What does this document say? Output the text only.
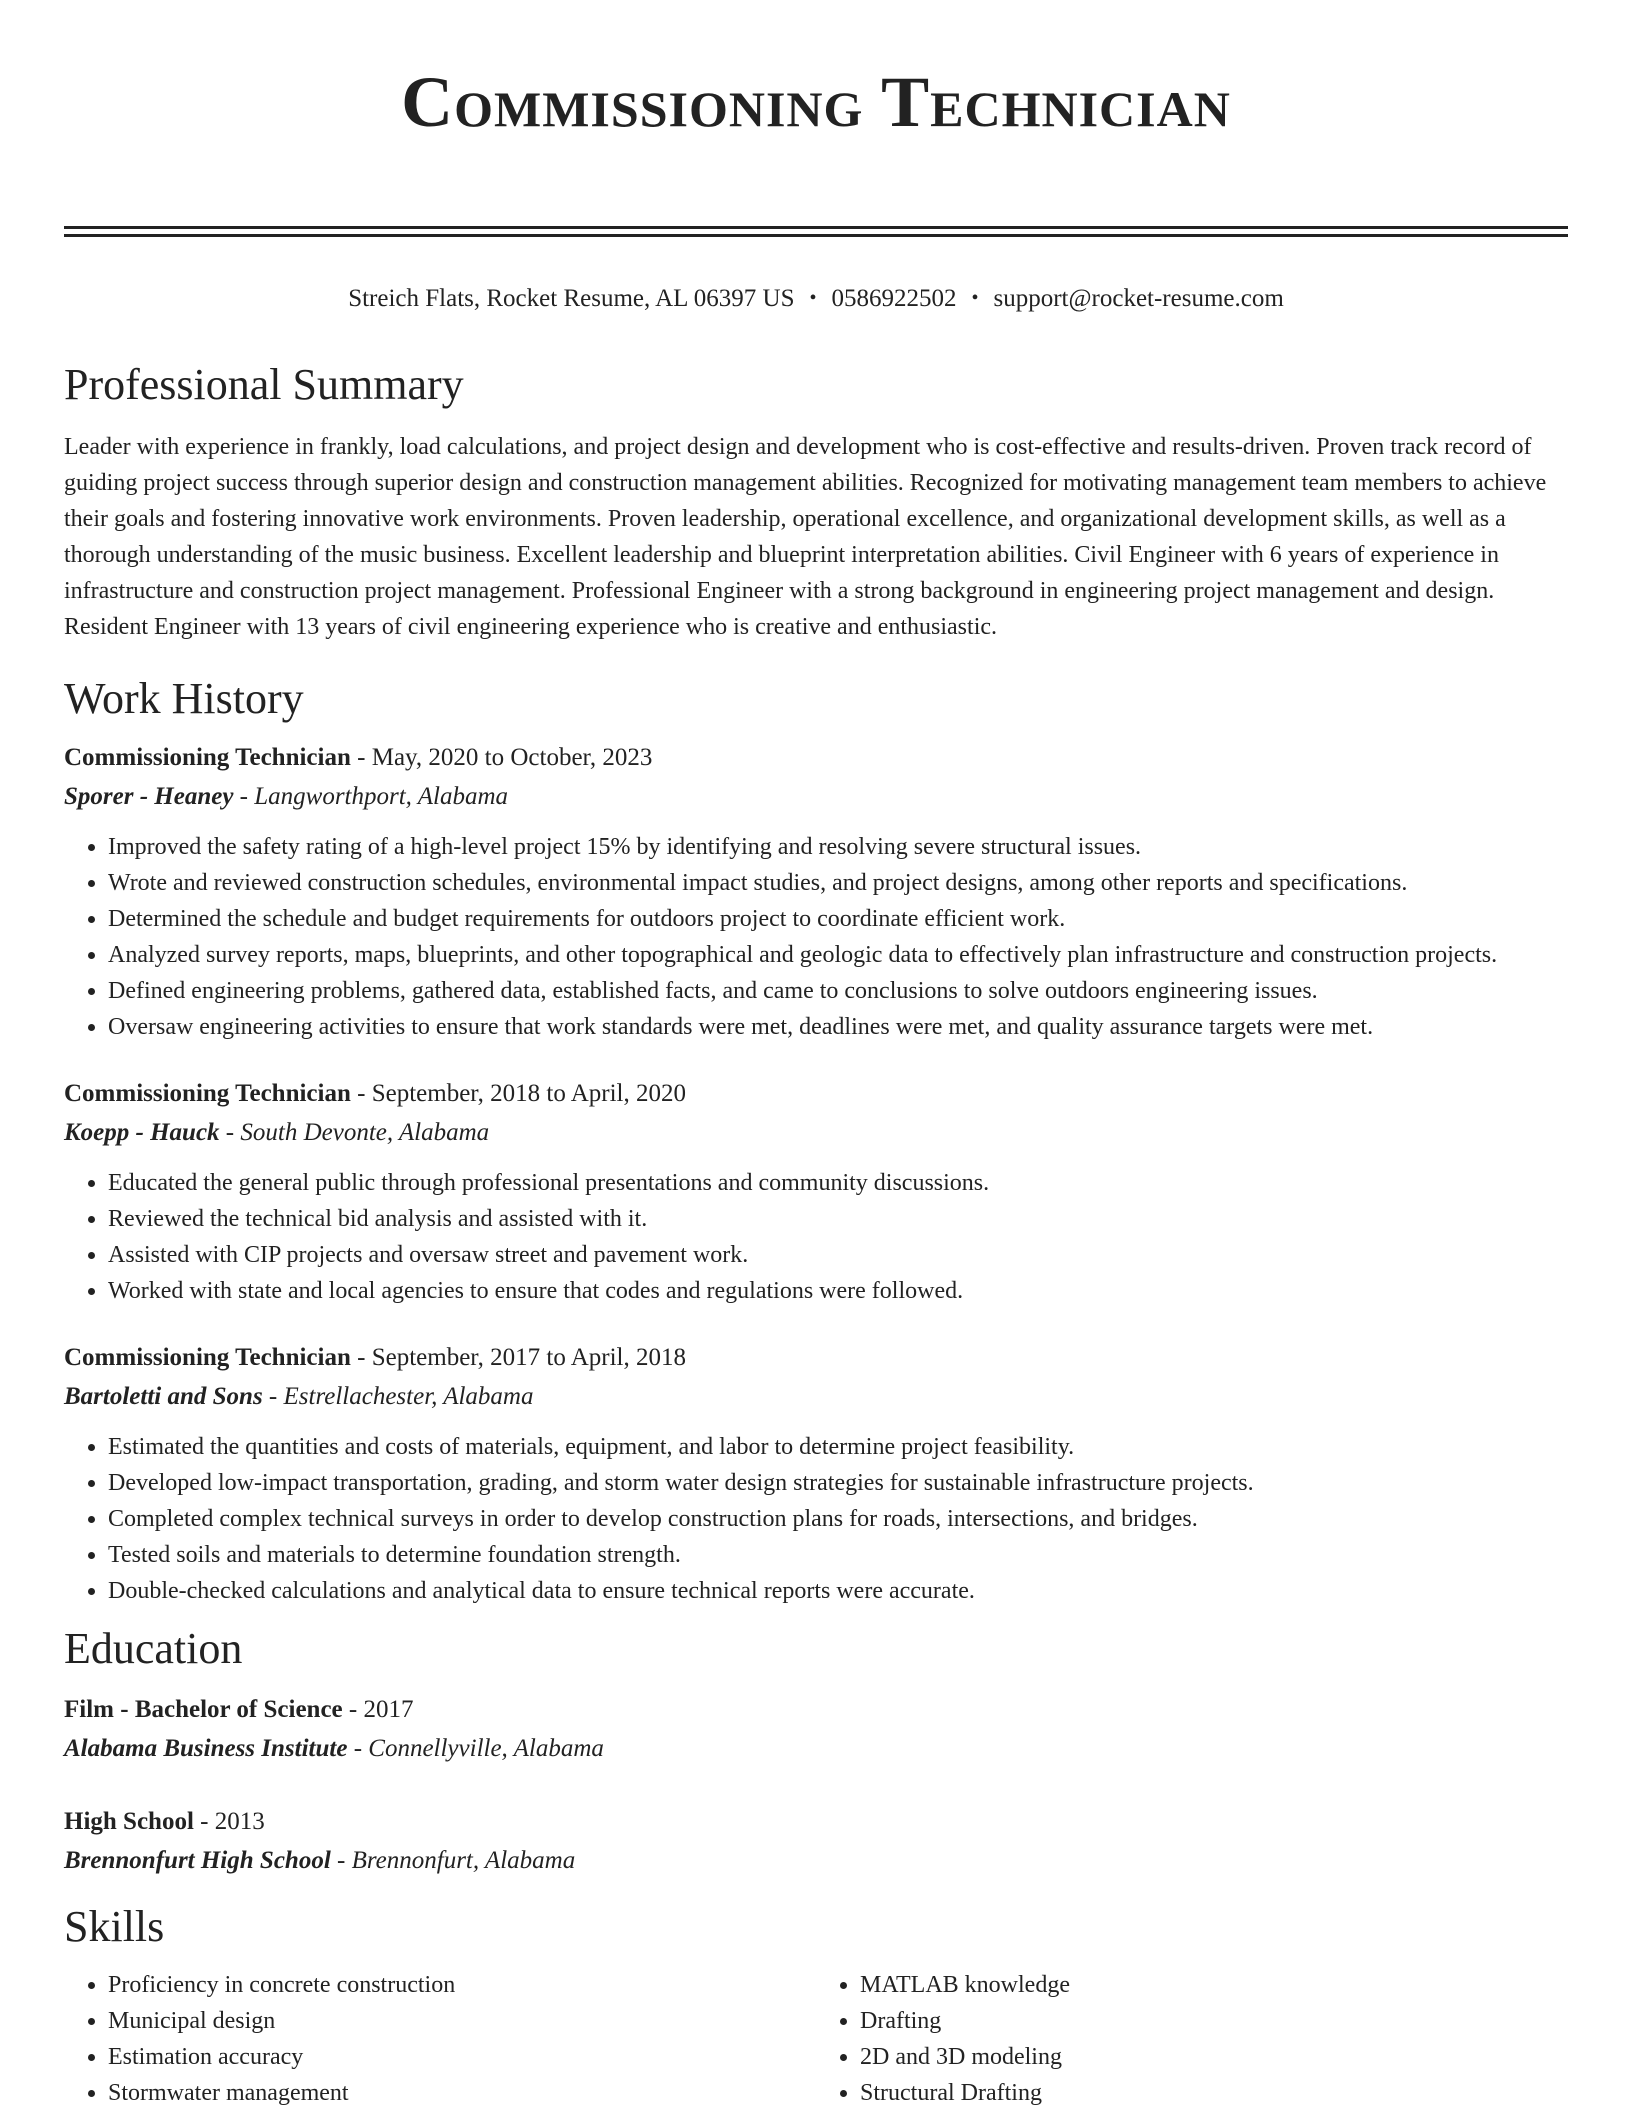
Commissioning Technician
Streich Flats, Rocket Resume, AL 06397 US • 0586922502 • support@rocket-resume.com
Professional Summary
Leader with experience in frankly, load calculations, and project design and development who is cost-effective and results-driven. Proven track record of guiding project success through superior design and construction management abilities. Recognized for motivating management team members to achieve their goals and fostering innovative work environments. Proven leadership, operational excellence, and organizational development skills, as well as a thorough understanding of the music business. Excellent leadership and blueprint interpretation abilities. Civil Engineer with 6 years of experience in infrastructure and construction project management. Professional Engineer with a strong background in engineering project management and design. Resident Engineer with 13 years of civil engineering experience who is creative and enthusiastic.
Work History
Commissioning Technician - May, 2020 to October, 2023
Sporer - Heaney - Langworthport, Alabama
• Improved the safety rating of a high-level project 15% by identifying and resolving severe structural issues.
• Wrote and reviewed construction schedules, environmental impact studies, and project designs, among other reports and specifications.
• Determined the schedule and budget requirements for outdoors project to coordinate efficient work.
• Analyzed survey reports, maps, blueprints, and other topographical and geologic data to effectively plan infrastructure and construction projects.
• Defined engineering problems, gathered data, established facts, and came to conclusions to solve outdoors engineering issues.
• Oversaw engineering activities to ensure that work standards were met, deadlines were met, and quality assurance targets were met.
Commissioning Technician - September, 2018 to April, 2020
Koepp - Hauck - South Devonte, Alabama
• Educated the general public through professional presentations and community discussions.
• Reviewed the technical bid analysis and assisted with it.
• Assisted with CIP projects and oversaw street and pavement work.
• Worked with state and local agencies to ensure that codes and regulations were followed.
Commissioning Technician - September, 2017 to April, 2018
Bartoletti and Sons - Estrellachester, Alabama
• Estimated the quantities and costs of materials, equipment, and labor to determine project feasibility.
• Developed low-impact transportation, grading, and storm water design strategies for sustainable infrastructure projects.
• Completed complex technical surveys in order to develop construction plans for roads, intersections, and bridges.
• Tested soils and materials to determine foundation strength.
• Double-checked calculations and analytical data to ensure technical reports were accurate.
Education
Film - Bachelor of Science - 2017
Alabama Business Institute - Connellyville, Alabama
High School - 2013
Brennonfurt High School - Brennonfurt, Alabama
Skills
• Proficiency in concrete construction
• Municipal design
• Estimation accuracy
• Stormwater management
• MATLAB knowledge
• Drafting
• 2D and 3D modeling
• Structural Drafting
